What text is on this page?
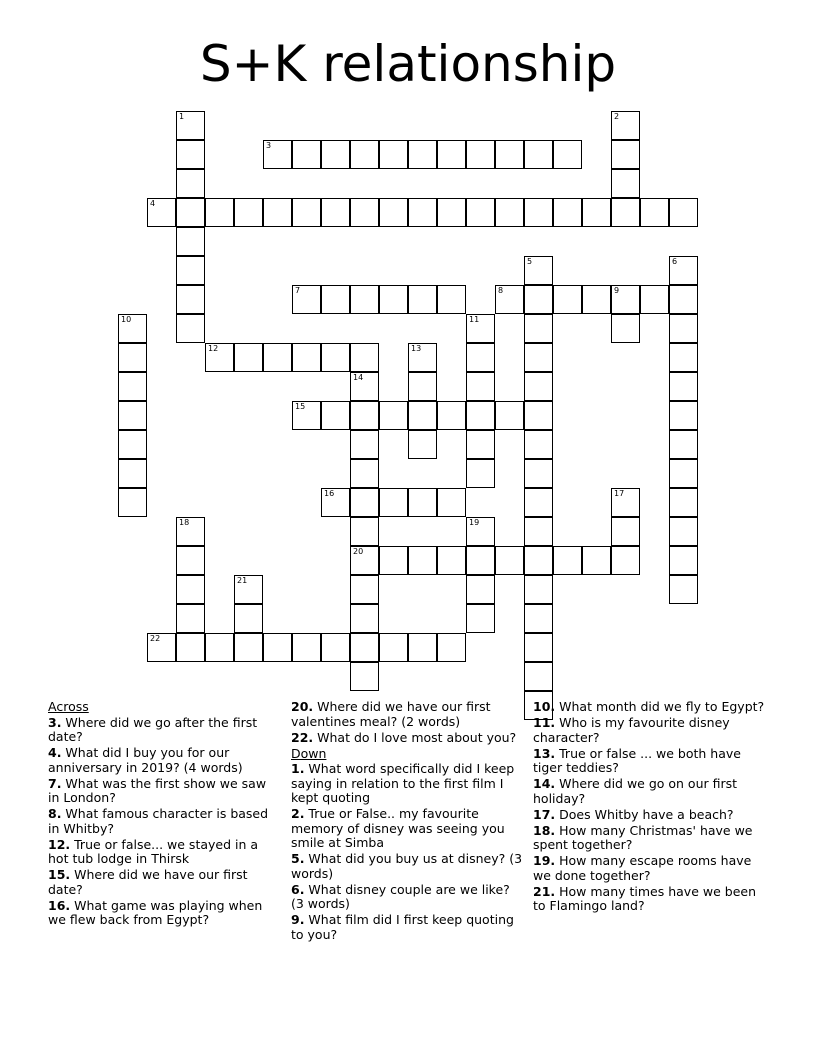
S+K relationship
1	2
3
4
5	6
7	8	9
10	11
12	13
14
15
16	17
18	19
20
21
22
Across
3. Where did we go after the first date?
4. What did I buy you for our anniversary in 2019? (4 words)
7. What was the first show we saw in London?
8. What famous character is based in Whitby?
12. True or false... we stayed in a hot tub lodge in Thirsk
15. Where did we have our first date?
16. What game was playing when we flew back from Egypt?
20. Where did we have our first valentines meal? (2 words)
22. What do I love most about you?
Down
1. What word specifically did I keep saying in relation to the first film I kept quoting
2. True or False.. my favourite memory of disney was seeing you smile at Simba
5. What did you buy us at disney? (3 words)
6. What disney couple are we like? (3 words)
9. What film did I first keep quoting to you?
10. What month did we fly to Egypt?
11. Who is my favourite disney character?
13. True or false ... we both have tiger teddies?
14. Where did we go on our first holiday?
17. Does Whitby have a beach?
18. How many Christmas' have we spent together?
19. How many escape rooms have we done together?
21. How many times have we been to Flamingo land?
